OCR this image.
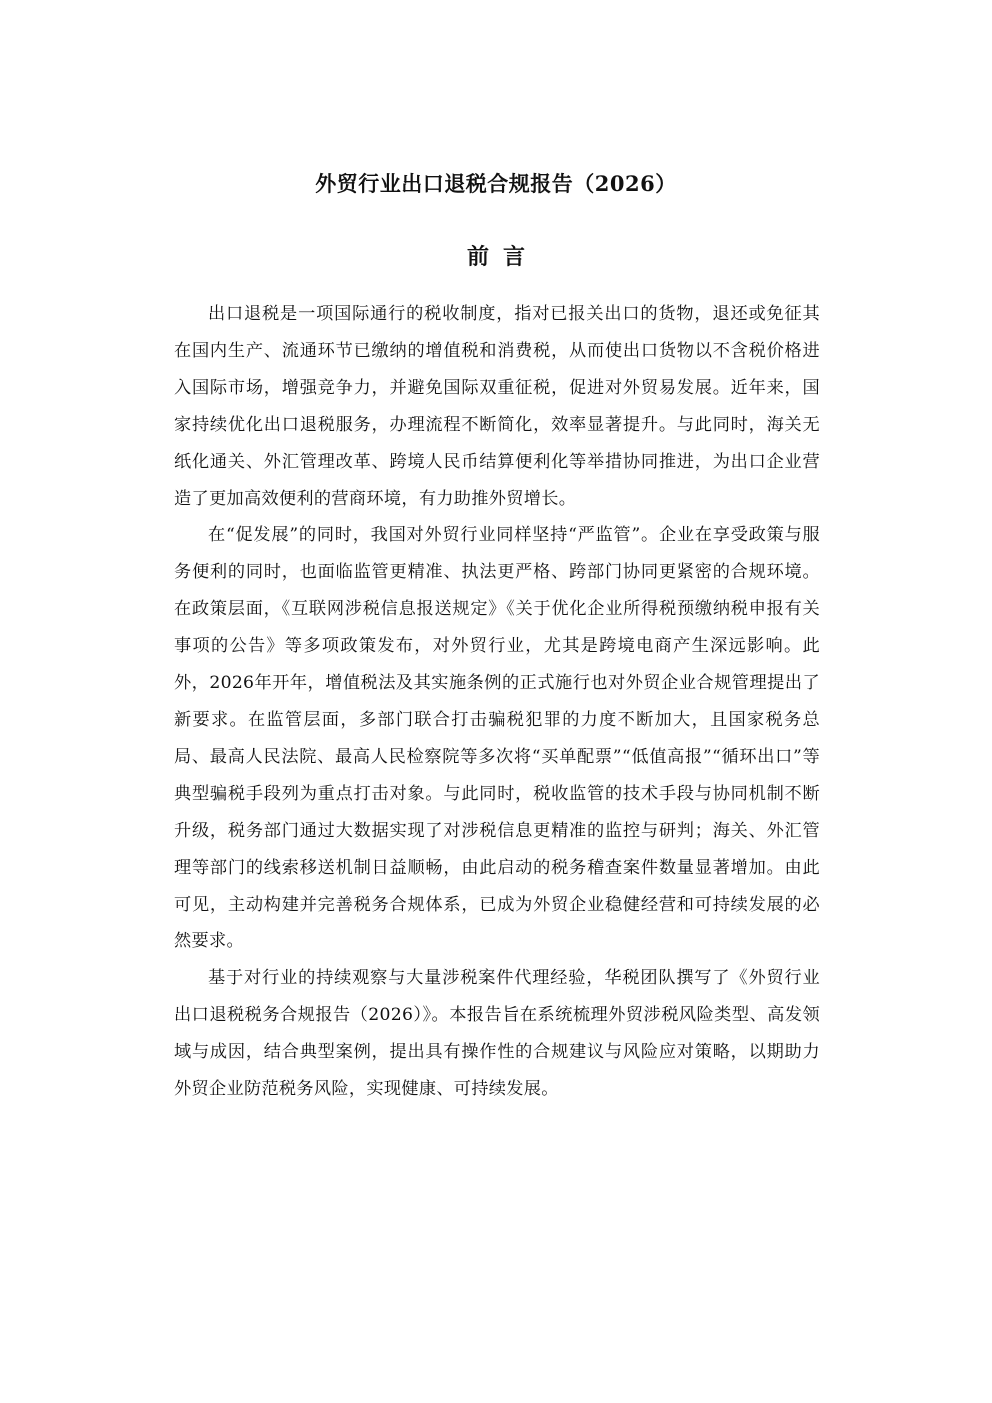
外贸行业出口退税合规报告（2026）
前言

出口退税是一项国际通行的税收制度，指对已报关出口的货物，退还或免征其在国内生产、流通环节已缴纳的增值税和消费税，从而使出口货物以不含税价格进入国际市场，增强竞争力，并避免国际双重征税，促进对外贸易发展。近年来，国家持续优化出口退税服务，办理流程不断简化，效率显著提升。与此同时，海关无纸化通关、外汇管理改革、跨境人民币结算便利化等举措协同推进，为出口企业营造了更加高效便利的营商环境，有力助推外贸增长。

在“促发展”的同时，我国对外贸行业同样坚持“严监管”。企业在享受政策与服务便利的同时，也面临监管更精准、执法更严格、跨部门协同更紧密的合规环境。在政策层面，《互联网涉税信息报送规定》《关于优化企业所得税预缴纳税申报有关事项的公告》等多项政策发布，对外贸行业，尤其是跨境电商产生深远影响。此外，2026年开年，增值税法及其实施条例的正式施行也对外贸企业合规管理提出了新要求。在监管层面，多部门联合打击骗税犯罪的力度不断加大，且国家税务总局、最高人民法院、最高人民检察院等多次将“买单配票”“低值高报”“循环出口”等典型骗税手段列为重点打击对象。与此同时，税收监管的技术手段与协同机制不断升级，税务部门通过大数据实现了对涉税信息更精准的监控与研判；海关、外汇管理等部门的线索移送机制日益顺畅，由此启动的税务稽查案件数量显著增加。由此可见，主动构建并完善税务合规体系，已成为外贸企业稳健经营和可持续发展的必然要求。

基于对行业的持续观察与大量涉税案件代理经验，华税团队撰写了《外贸行业出口退税税务合规报告（2026）》。本报告旨在系统梳理外贸涉税风险类型、高发领域与成因，结合典型案例，提出具有操作性的合规建议与风险应对策略，以期助力外贸企业防范税务风险，实现健康、可持续发展。
